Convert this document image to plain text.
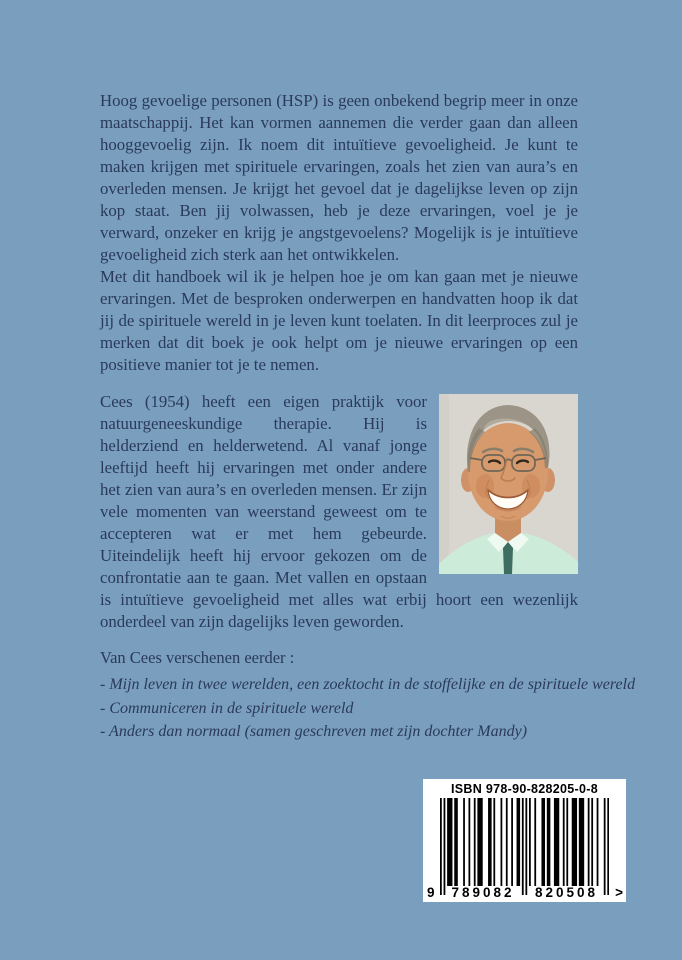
Hoog gevoelige personen (HSP) is geen onbekend begrip meer in onze maatschappij. Het kan vormen aannemen die verder gaan dan alleen hooggevoelig zijn. Ik noem dit intuïtieve gevoeligheid. Je kunt te maken krijgen met spirituele ervaringen, zoals het zien van aura’s en overleden mensen. Je krijgt het gevoel dat je dagelijkse leven op zijn kop staat. Ben jij volwassen, heb je deze ervaringen, voel je je verward, onzeker en krijg je angstgevoelens? Mogelijk is je intuïtieve gevoeligheid zich sterk aan het ontwikkelen.

Met dit handboek wil ik je helpen hoe je om kan gaan met je nieuwe ervaringen. Met de besproken onderwerpen en handvatten hoop ik dat jij de spirituele wereld in je leven kunt toelaten. In dit leerproces zul je merken dat dit boek je ook helpt om je nieuwe ervaringen op een positieve manier tot je te nemen.

Cees (1954) heeft een eigen praktijk voor natuurgeneeskundige therapie. Hij is helderziend en helderwetend. Al vanaf jonge leeftijd heeft hij ervaringen met onder andere het zien van aura’s en overleden mensen. Er zijn vele momenten van weerstand geweest om te accepteren wat er met hem gebeurde. Uiteindelijk heeft hij ervoor gekozen om de confrontatie aan te gaan. Met vallen en opstaan is intuïtieve gevoeligheid met alles wat erbij hoort een wezenlijk onderdeel van zijn dagelijks leven geworden.

Van Cees verschenen eerder :

- Mijn leven in twee werelden, een zoektocht in de stoffelijke en de spirituele wereld

- Communiceren in de spirituele wereld

- Anders dan normaal (samen geschreven met zijn dochter Mandy)

ISBN 978-90-828205-0-8
9	789082	820508	>
